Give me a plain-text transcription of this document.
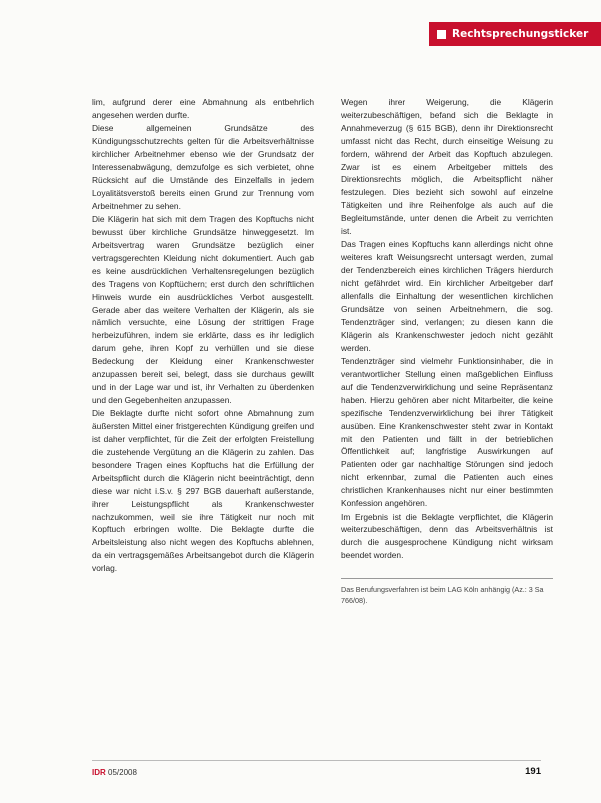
Rechtsprechungsticker

lim, aufgrund derer eine Abmahnung als entbehrlich angesehen werden durfte.

Diese allgemeinen Grundsätze des Kündigungsschutzrechts gelten für die Arbeitsverhältnisse kirchlicher Arbeitnehmer ebenso wie der Grundsatz der Interessenabwägung, demzufolge es sich verbietet, ohne Rücksicht auf die Umstände des Einzelfalls in jedem Loyalitätsverstoß bereits einen Grund zur Trennung vom Arbeitnehmer zu sehen.

Die Klägerin hat sich mit dem Tragen des Kopftuchs nicht bewusst über kirchliche Grundsätze hinweggesetzt. Im Arbeitsvertrag waren Grundsätze bezüglich einer vertragsgerechten Kleidung nicht dokumentiert. Auch gab es keine ausdrücklichen Verhaltensregelungen bezüglich des Tragens von Kopftüchern; erst durch den schriftlichen Hinweis wurde ein ausdrückliches Verbot ausgestellt. Gerade aber das weitere Verhalten der Klägerin, als sie nämlich versuchte, eine Lösung der strittigen Frage herbeizuführen, indem sie erklärte, dass es ihr lediglich darum gehe, ihren Kopf zu verhüllen und sie diese Bedeckung der Kleidung einer Krankenschwester anzupassen bereit sei, belegt, dass sie durchaus gewillt und in der Lage war und ist, ihr Verhalten zu überdenken und den Gegebenheiten anzupassen.

Die Beklagte durfte nicht sofort ohne Abmahnung zum äußersten Mittel einer fristgerechten Kündigung greifen und ist daher verpflichtet, für die Zeit der erfolgten Freistellung die zustehende Vergütung an die Klägerin zu zahlen. Das besondere Tragen eines Kopftuchs hat die Erfüllung der Arbeitspflicht durch die Klägerin nicht beeinträchtigt, denn diese war nicht i.S.v. § 297 BGB dauerhaft außerstande, ihrer Leistungspflicht als Krankenschwester nachzukommen, weil sie ihre Tätigkeit nur noch mit Kopftuch erbringen wollte. Die Beklagte durfte die Arbeitsleistung also nicht wegen des Kopftuchs ablehnen, da ein vertragsgemäßes Arbeitsangebot durch die Klägerin vorlag.

Wegen ihrer Weigerung, die Klägerin weiterzubeschäftigen, befand sich die Beklagte in Annahmeverzug (§ 615 BGB), denn ihr Direktionsrecht umfasst nicht das Recht, durch einseitige Weisung zu fordern, während der Arbeit das Kopftuch abzulegen. Zwar ist es einem Arbeitgeber mittels des Direktionsrechts möglich, die Arbeitspflicht näher festzulegen. Dies bezieht sich sowohl auf einzelne Tätigkeiten und ihre Reihenfolge als auch auf die Begleitumstände, unter denen die Arbeit zu verrichten ist.

Das Tragen eines Kopftuchs kann allerdings nicht ohne weiteres kraft Weisungsrecht untersagt werden, zumal der Tendenzbereich eines kirchlichen Trägers hierdurch nicht gefährdet wird. Ein kirchlicher Arbeitgeber darf allenfalls die Einhaltung der wesentlichen kirchlichen Grundsätze von seinen Arbeitnehmern, die sog. Tendenzträger sind, verlangen; zu diesen kann die Klägerin als Krankenschwester jedoch nicht gezählt werden.

Tendenzträger sind vielmehr Funktionsinhaber, die in verantwortlicher Stellung einen maßgeblichen Einfluss auf die Tendenzverwirklichung und seine Repräsentanz haben. Hierzu gehören aber nicht Mitarbeiter, die keine spezifische Tendenzverwirklichung bei ihrer Tätigkeit ausüben. Eine Krankenschwester steht zwar in Kontakt mit den Patienten und fällt in der betrieblichen Öffentlichkeit auf; langfristige Auswirkungen auf Patienten oder gar nachhaltige Störungen sind jedoch nicht erkennbar, zumal die Patienten auch eines christlichen Krankenhauses nicht nur einer bestimmten Konfession angehören.

Im Ergebnis ist die Beklagte verpflichtet, die Klägerin weiterzubeschäftigen, denn das Arbeitsverhältnis ist durch die ausgesprochene Kündigung nicht wirksam beendet worden.

Das Berufungsverfahren ist beim LAG Köln anhängig (Az.: 3 Sa 766/08).
IDR 05/2008	191
